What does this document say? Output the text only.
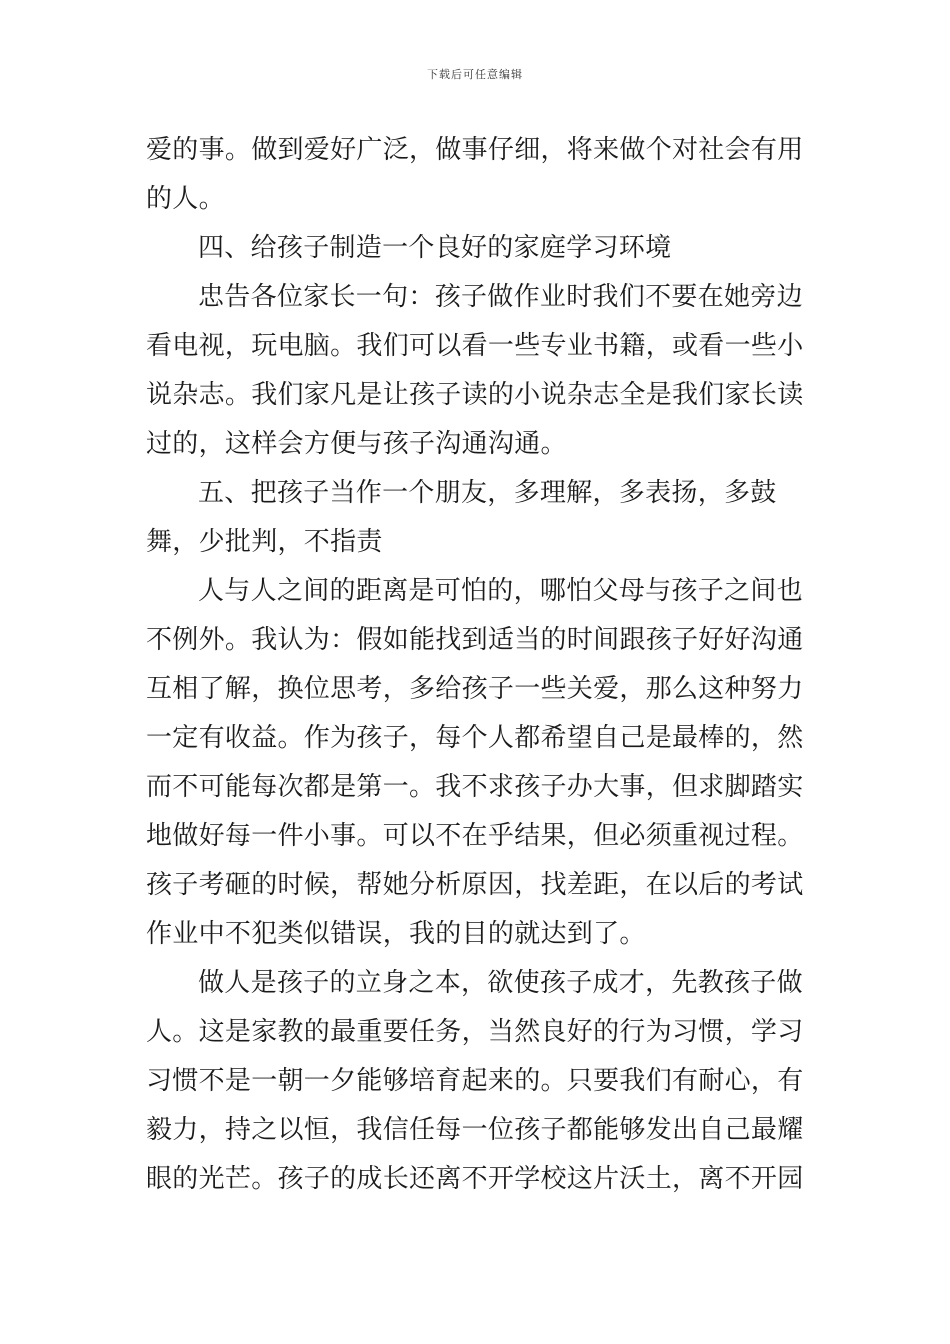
下载后可任意编辑

爱的事。做到爱好广泛，做事仔细，将来做个对社会有用的人。

四、给孩子制造一个良好的家庭学习环境

忠告各位家长一句：孩子做作业时我们不要在她旁边看电视，玩电脑。我们可以看一些专业书籍，或看一些小说杂志。我们家凡是让孩子读的小说杂志全是我们家长读过的，这样会方便与孩子沟通沟通。

五、把孩子当作一个朋友，多理解，多表扬，多鼓舞，少批判，不指责

人与人之间的距离是可怕的，哪怕父母与孩子之间也不例外。我认为：假如能找到适当的时间跟孩子好好沟通互相了解，换位思考，多给孩子一些关爱，那么这种努力一定有收益。作为孩子，每个人都希望自己是最棒的，然而不可能每次都是第一。我不求孩子办大事，但求脚踏实地做好每一件小事。可以不在乎结果，但必须重视过程。孩子考砸的时候，帮她分析原因，找差距，在以后的考试作业中不犯类似错误，我的目的就达到了。

做人是孩子的立身之本，欲使孩子成才，先教孩子做人。这是家教的最重要任务，当然良好的行为习惯，学习习惯不是一朝一夕能够培育起来的。只要我们有耐心，有毅力，持之以恒，我信任每一位孩子都能够发出自己最耀眼的光芒。孩子的成长还离不开学校这片沃土，离不开园
